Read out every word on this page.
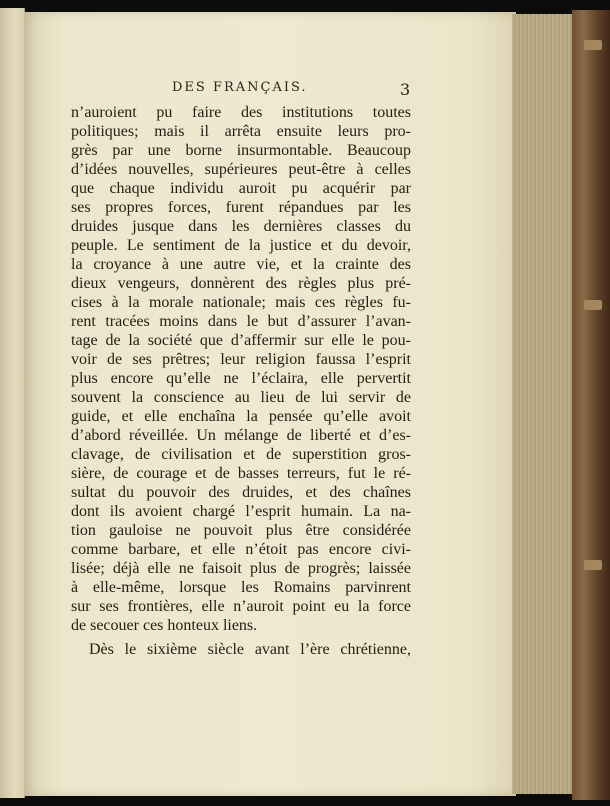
DES FRANÇAIS.	3
n’auroient pu faire des institutions toutes
politiques; mais il arrêta ensuite leurs pro-
grès par une borne insurmontable. Beaucoup
d’idées nouvelles, supérieures peut-être à celles
que chaque individu auroit pu acquérir par
ses propres forces, furent répandues par les
druides jusque dans les dernières classes du
peuple. Le sentiment de la justice et du devoir,
la croyance à une autre vie, et la crainte des
dieux vengeurs, donnèrent des règles plus pré-
cises à la morale nationale; mais ces règles fu-
rent tracées moins dans le but d’assurer l’avan-
tage de la société que d’affermir sur elle le pou-
voir de ses prêtres; leur religion faussa l’esprit
plus encore qu’elle ne l’éclaira, elle pervertit
souvent la conscience au lieu de lui servir de
guide, et elle enchaîna la pensée qu’elle avoit
d’abord réveillée. Un mélange de liberté et d’es-
clavage, de civilisation et de superstition gros-
sière, de courage et de basses terreurs, fut le ré-
sultat du pouvoir des druides, et des chaînes
dont ils avoient chargé l’esprit humain. La na-
tion gauloise ne pouvoit plus être considérée
comme barbare, et elle n’étoit pas encore civi-
lisée; déjà elle ne faisoit plus de progrès; laissée
à elle-même, lorsque les Romains parvinrent
sur ses frontières, elle n’auroit point eu la force
de secouer ces honteux liens.
Dès le sixième siècle avant l’ère chrétienne,
